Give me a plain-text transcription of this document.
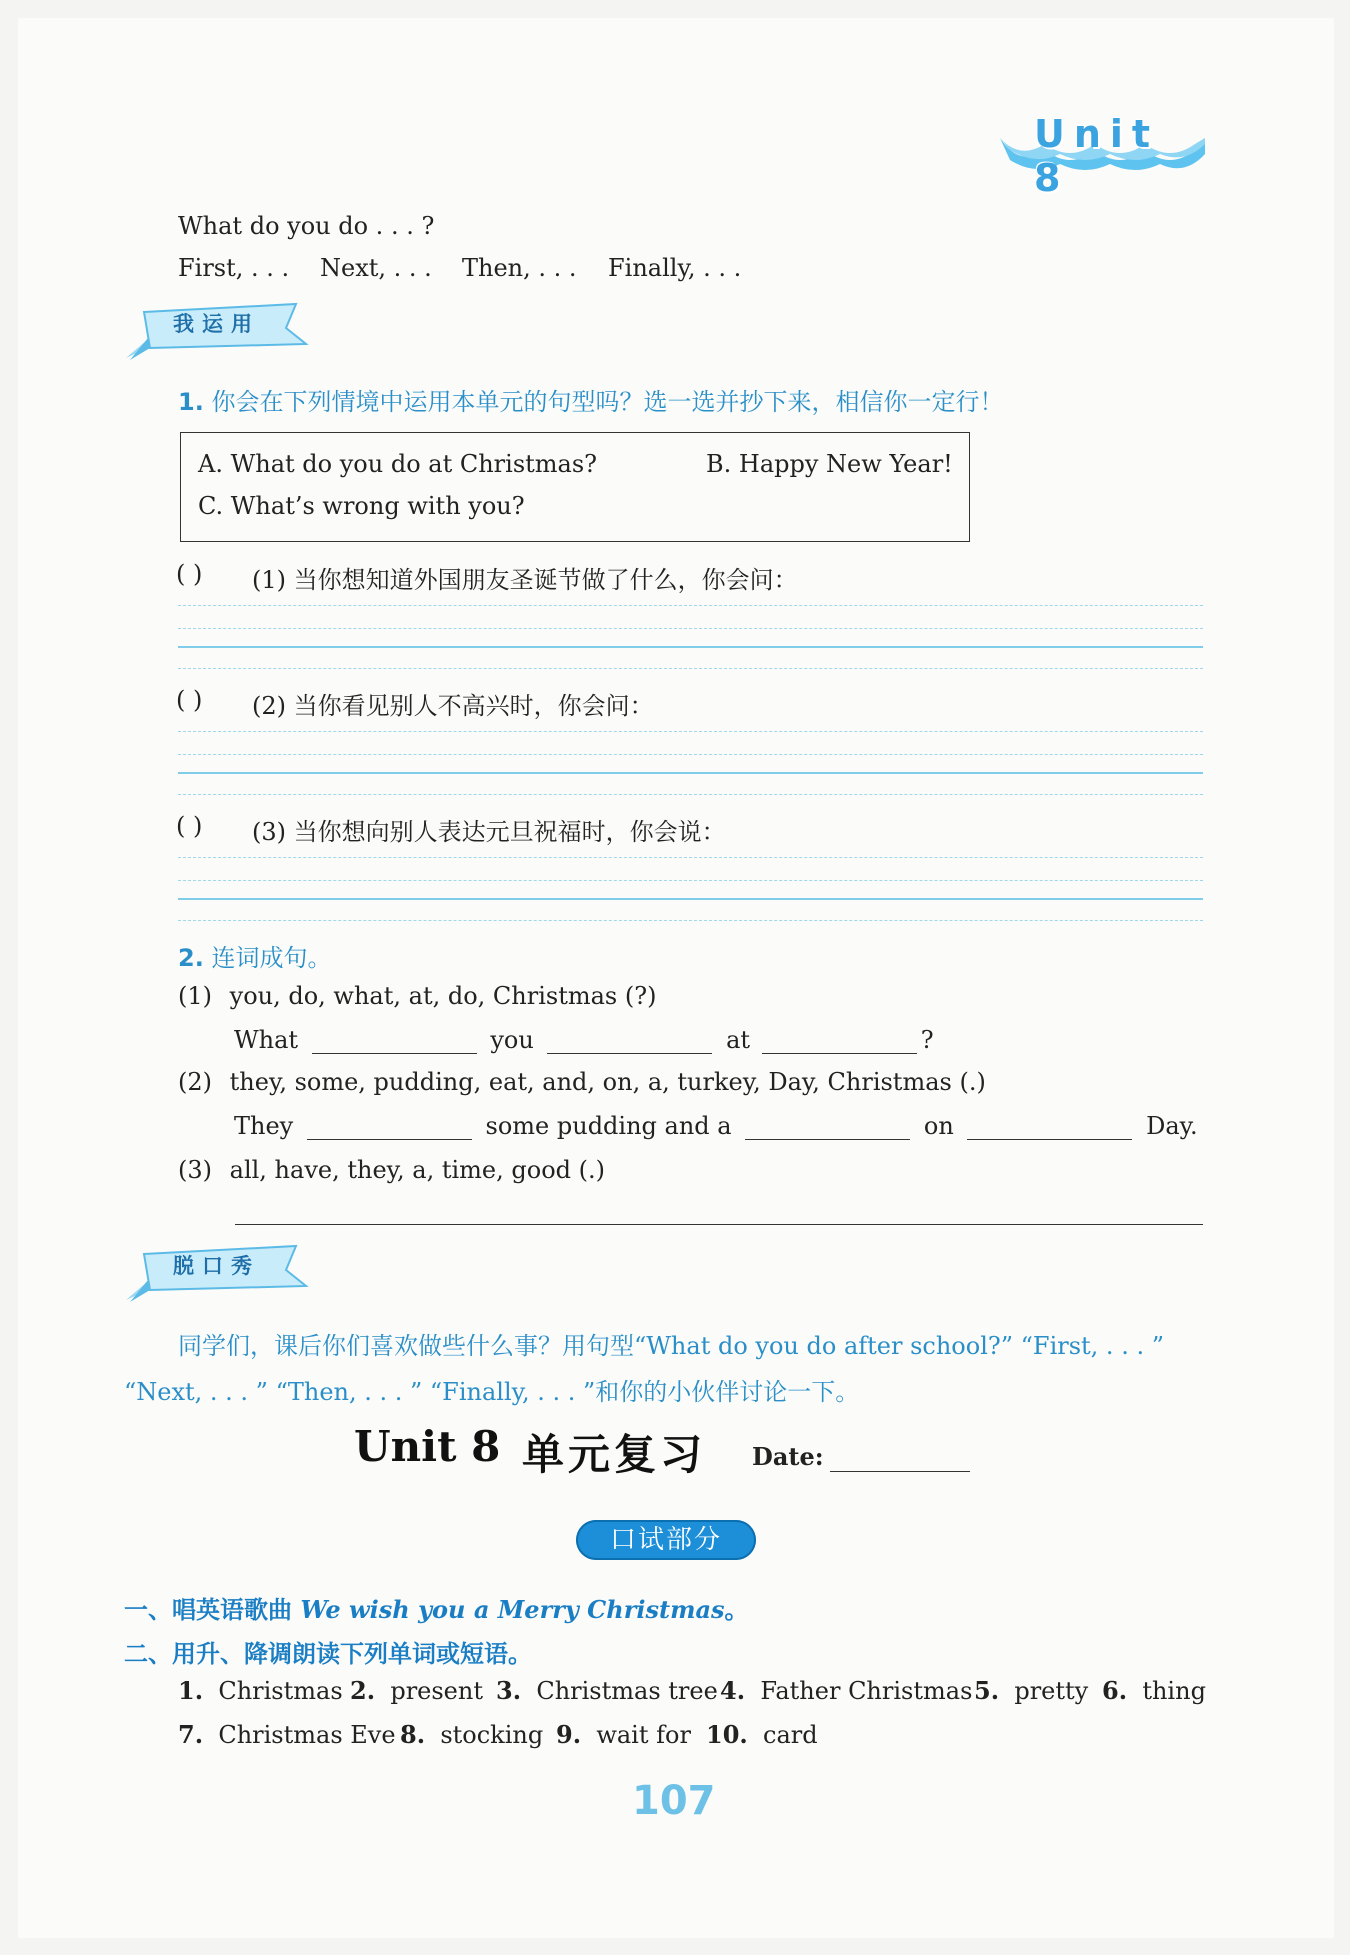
Unit 8
What do you do . . . ?
First, . . . Next, . . . Then, . . . Finally, . . .
我运用
1. 你会在下列情境中运用本单元的句型吗？选一选并抄下来，相信你一定行！
A. What do you do at Christmas?	B. Happy New Year!
C. What’s wrong with you?
( ) (1) 当你想知道外国朋友圣诞节做了什么，你会问：
( ) (2) 当你看见别人不高兴时，你会问：
( ) (3) 当你想向别人表达元旦祝福时，你会说：
2. 连词成句。
(1) you, do, what, at, do, Christmas (?)
What	you	at	?
(2) they, some, pudding, eat, and, on, a, turkey, Day, Christmas (.)
They	some pudding and a	on	Day.
(3) all, have, they, a, time, good (.)
脱口秀
同学们，课后你们喜欢做些什么事？用句型“What do you do after school?” “First, . . . ”
“Next, . . . ” “Then, . . . ” “Finally, . . . ”和你的小伙伴讨论一下。
Unit 8 单元复习 Date:
口试部分
一、唱英语歌曲 We wish you a Merry Christmas。
二、用升、降调朗读下列单词或短语。
1. Christmas 2. present 3. Christmas tree 4. Father Christmas 5. pretty 6. thing
7. Christmas Eve 8. stocking 9. wait for 10. card
107
